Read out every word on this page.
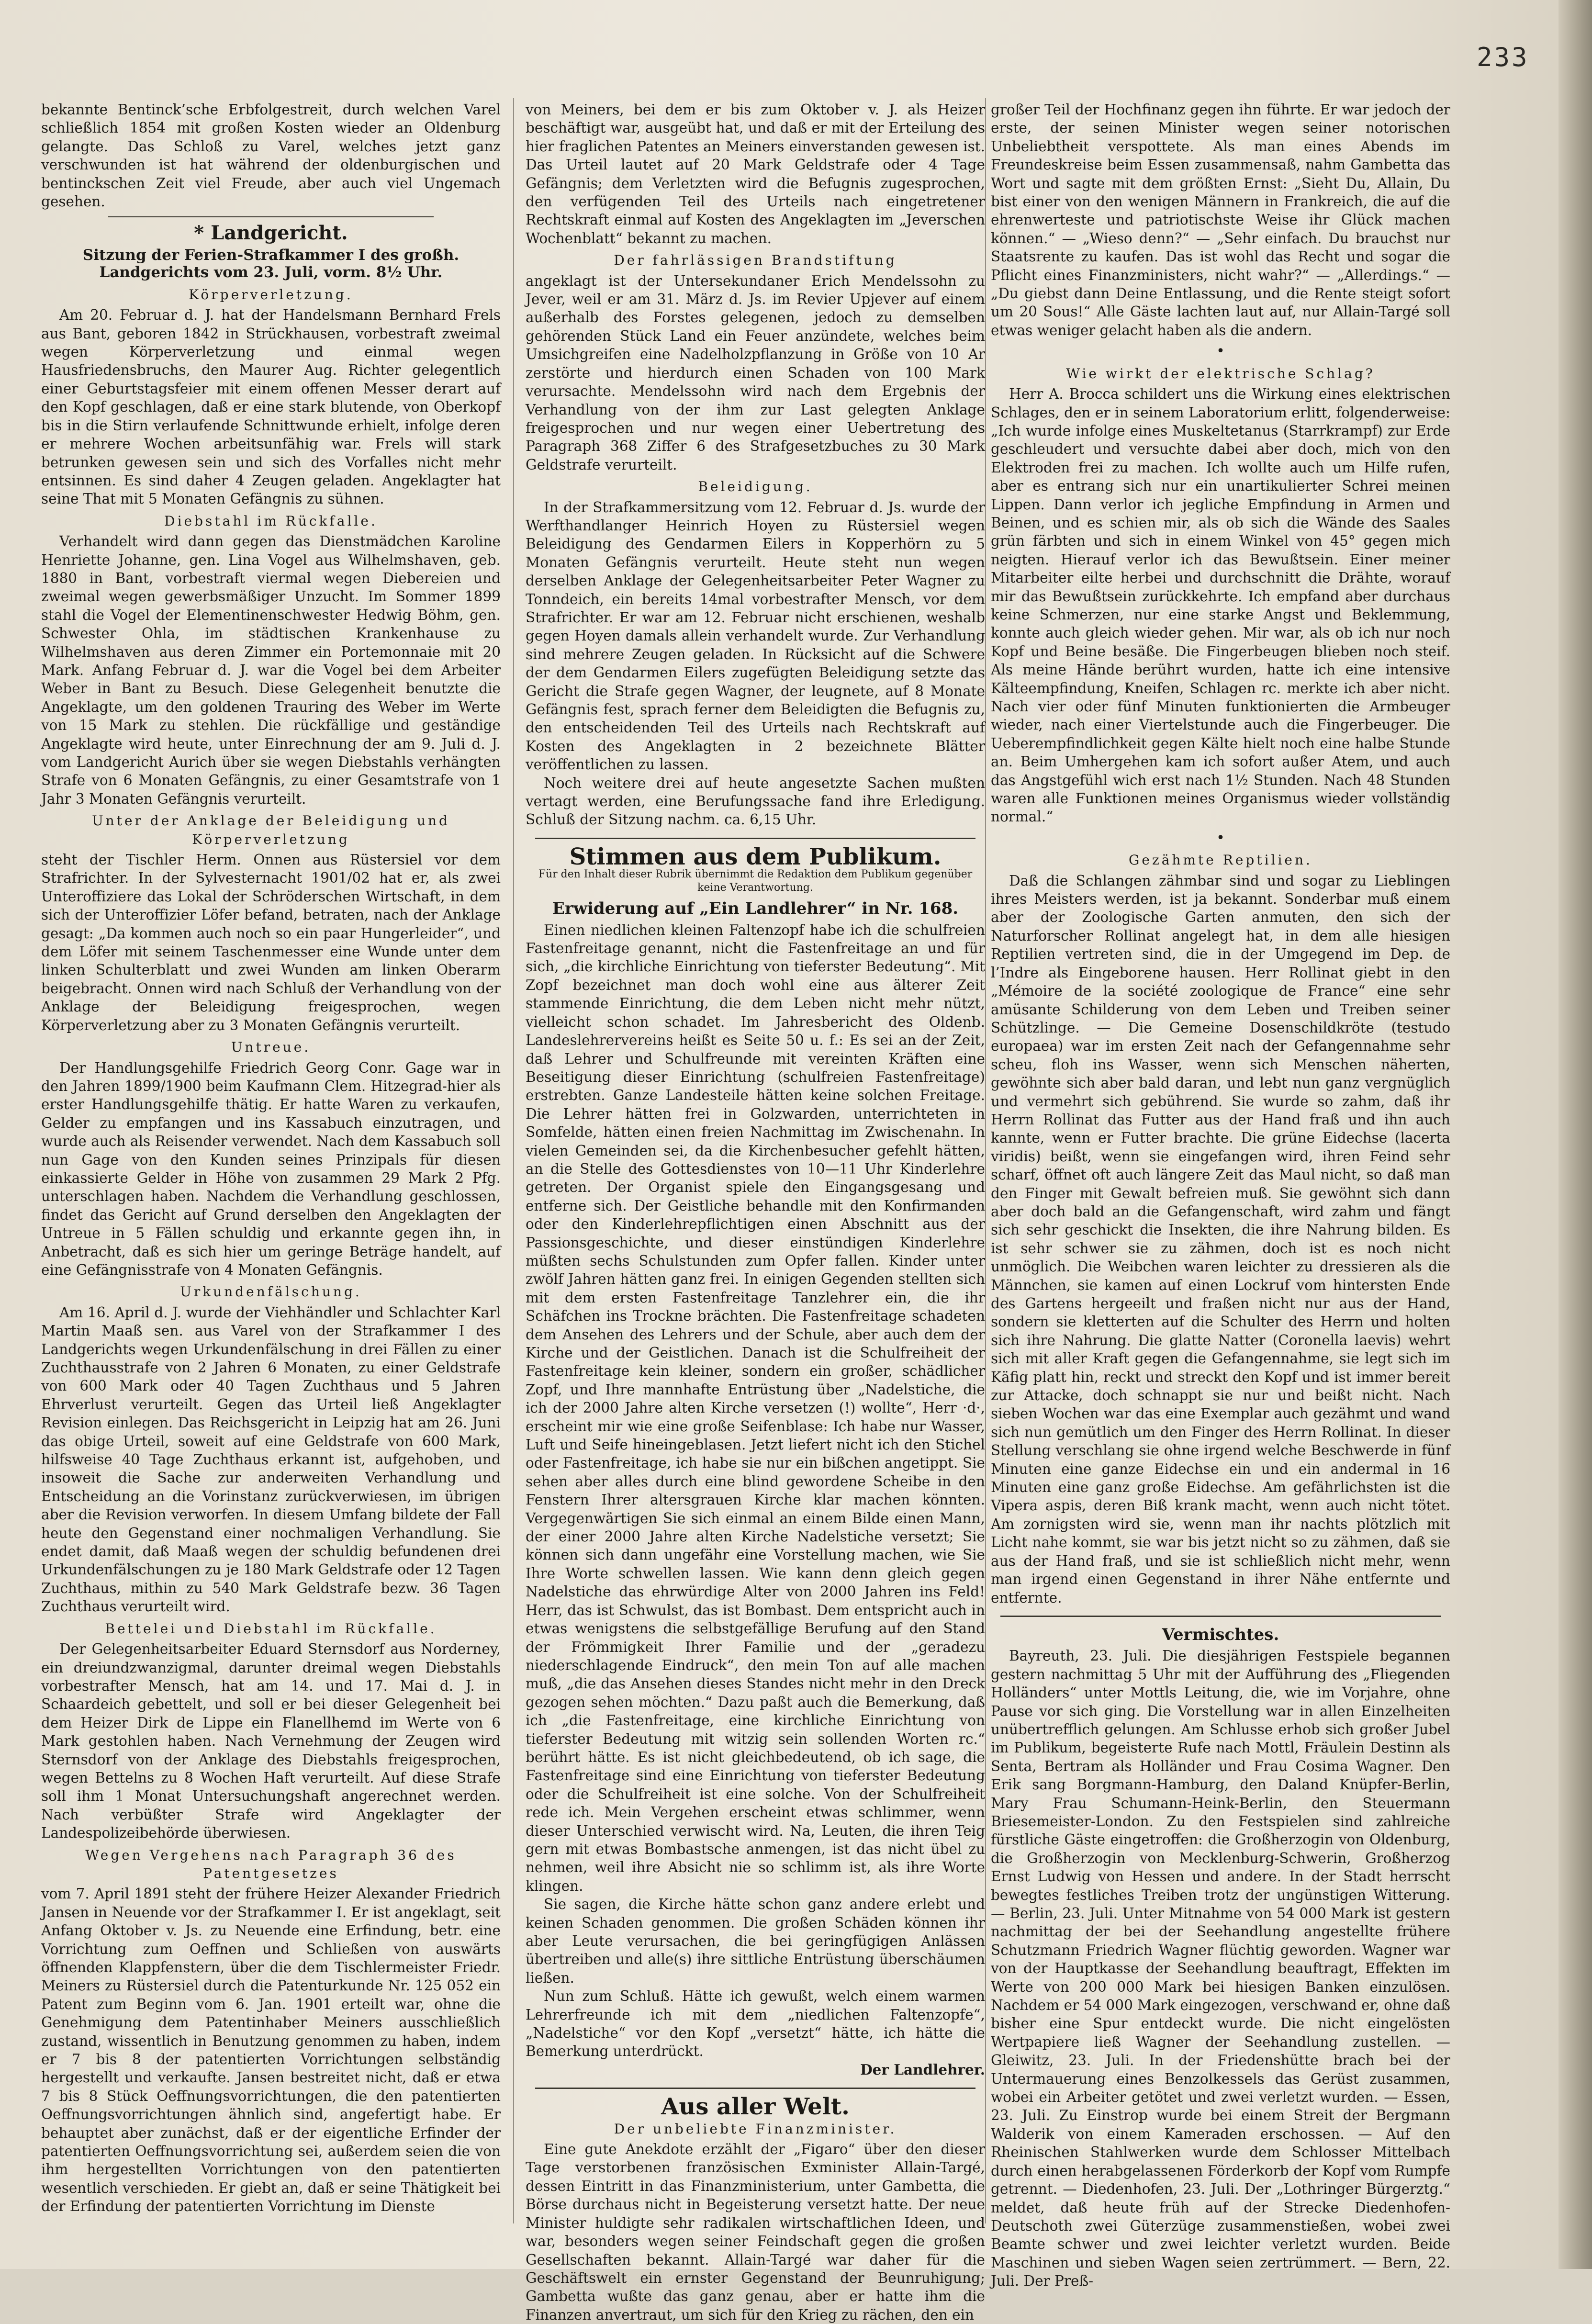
233

bekannte Bentinck’sche Erbfolgestreit, durch welchen Varel schließlich 1854 mit großen Kosten wieder an Oldenburg gelangte. Das Schloß zu Varel, welches jetzt ganz verschwunden ist hat während der oldenburgischen und bentinckschen Zeit viel Freude, aber auch viel Ungemach gesehen.

* Landgericht.
Sitzung der Ferien-Strafkammer I des großh. Landgerichts vom 23. Juli, vorm. 8½ Uhr.
Körperverletzung.

Am 20. Februar d. J. hat der Handelsmann Bernhard Frels aus Bant, geboren 1842 in Strückhausen, vorbestraft zweimal wegen Körperverletzung und einmal wegen Hausfriedensbruchs, den Maurer Aug. Richter gelegentlich einer Geburtstagsfeier mit einem offenen Messer derart auf den Kopf geschlagen, daß er eine stark blutende, von Oberkopf bis in die Stirn verlaufende Schnittwunde erhielt, infolge deren er mehrere Wochen arbeitsunfähig war. Frels will stark betrunken gewesen sein und sich des Vorfalles nicht mehr entsinnen. Es sind daher 4 Zeugen geladen. Angeklagter hat seine That mit 5 Monaten Gefängnis zu sühnen.

Diebstahl im Rückfalle.

Verhandelt wird dann gegen das Dienstmädchen Karoline Henriette Johanne, gen. Lina Vogel aus Wilhelmshaven, geb. 1880 in Bant, vorbestraft viermal wegen Diebereien und zweimal wegen gewerbsmäßiger Unzucht. Im Sommer 1899 stahl die Vogel der Elementinenschwester Hedwig Böhm, gen. Schwester Ohla, im städtischen Krankenhause zu Wilhelmshaven aus deren Zimmer ein Portemonnaie mit 20 Mark. Anfang Februar d. J. war die Vogel bei dem Arbeiter Weber in Bant zu Besuch. Diese Gelegenheit benutzte die Angeklagte, um den goldenen Trauring des Weber im Werte von 15 Mark zu stehlen. Die rückfällige und geständige Angeklagte wird heute, unter Einrechnung der am 9. Juli d. J. vom Landgericht Aurich über sie wegen Diebstahls verhängten Strafe von 6 Monaten Gefängnis, zu einer Gesamtstrafe von 1 Jahr 3 Monaten Gefängnis verurteilt.

Unter der Anklage der Beleidigung und Körperverletzung

steht der Tischler Herm. Onnen aus Rüstersiel vor dem Strafrichter. In der Sylvesternacht 1901/02 hat er, als zwei Unteroffiziere das Lokal der Schröderschen Wirtschaft, in dem sich der Unteroffizier Löfer befand, betraten, nach der Anklage gesagt: „Da kommen auch noch so ein paar Hungerleider“, und dem Löfer mit seinem Taschenmesser eine Wunde unter dem linken Schulterblatt und zwei Wunden am linken Oberarm beigebracht. Onnen wird nach Schluß der Verhandlung von der Anklage der Beleidigung freigesprochen, wegen Körperverletzung aber zu 3 Monaten Gefängnis verurteilt.

Untreue.

Der Handlungsgehilfe Friedrich Georg Conr. Gage war in den Jahren 1899/1900 beim Kaufmann Clem. Hitzegrad-hier als erster Handlungsgehilfe thätig. Er hatte Waren zu verkaufen, Gelder zu empfangen und ins Kassabuch einzutragen, und wurde auch als Reisender verwendet. Nach dem Kassabuch soll nun Gage von den Kunden seines Prinzipals für diesen einkassierte Gelder in Höhe von zusammen 29 Mark 2 Pfg. unterschlagen haben. Nachdem die Verhandlung geschlossen, findet das Gericht auf Grund derselben den Angeklagten der Untreue in 5 Fällen schuldig und erkannte gegen ihn, in Anbetracht, daß es sich hier um geringe Beträge handelt, auf eine Gefängnisstrafe von 4 Monaten Gefängnis.

Urkundenfälschung.

Am 16. April d. J. wurde der Viehhändler und Schlachter Karl Martin Maaß sen. aus Varel von der Strafkammer I des Landgerichts wegen Urkundenfälschung in drei Fällen zu einer Zuchthausstrafe von 2 Jahren 6 Monaten, zu einer Geldstrafe von 600 Mark oder 40 Tagen Zuchthaus und 5 Jahren Ehrverlust verurteilt. Gegen das Urteil ließ Angeklagter Revision einlegen. Das Reichsgericht in Leipzig hat am 26. Juni das obige Urteil, soweit auf eine Geldstrafe von 600 Mark, hilfsweise 40 Tage Zuchthaus erkannt ist, aufgehoben, und insoweit die Sache zur anderweiten Verhandlung und Entscheidung an die Vorinstanz zurückverwiesen, im übrigen aber die Revision verworfen. In diesem Umfang bildete der Fall heute den Gegenstand einer nochmaligen Verhandlung. Sie endet damit, daß Maaß wegen der schuldig befundenen drei Urkundenfälschungen zu je 180 Mark Geldstrafe oder 12 Tagen Zuchthaus, mithin zu 540 Mark Geldstrafe bezw. 36 Tagen Zuchthaus verurteilt wird.

Bettelei und Diebstahl im Rückfalle.

Der Gelegenheitsarbeiter Eduard Sternsdorf aus Norderney, ein dreiundzwanzigmal, darunter dreimal wegen Diebstahls vorbestrafter Mensch, hat am 14. und 17. Mai d. J. in Schaardeich gebettelt, und soll er bei dieser Gelegenheit bei dem Heizer Dirk de Lippe ein Flanellhemd im Werte von 6 Mark gestohlen haben. Nach Vernehmung der Zeugen wird Sternsdorf von der Anklage des Diebstahls freigesprochen, wegen Bettelns zu 8 Wochen Haft verurteilt. Auf diese Strafe soll ihm 1 Monat Untersuchungshaft angerechnet werden. Nach verbüßter Strafe wird Angeklagter der Landespolizeibehörde überwiesen.

Wegen Vergehens nach Paragraph 36 des Patentgesetzes

vom 7. April 1891 steht der frühere Heizer Alexander Friedrich Jansen in Neuende vor der Strafkammer I. Er ist angeklagt, seit Anfang Oktober v. Js. zu Neuende eine Erfindung, betr. eine Vorrichtung zum Oeffnen und Schließen von auswärts öffnenden Klappfenstern, über die dem Tischlermeister Friedr. Meiners zu Rüstersiel durch die Patenturkunde Nr. 125 052 ein Patent zum Beginn vom 6. Jan. 1901 erteilt war, ohne die Genehmigung dem Patentinhaber Meiners ausschließlich zustand, wissentlich in Benutzung genommen zu haben, indem er 7 bis 8 der patentierten Vorrichtungen selbständig hergestellt und verkaufte. Jansen bestreitet nicht, daß er etwa 7 bis 8 Stück Oeffnungsvorrichtungen, die den patentierten Oeffnungsvorrichtungen ähnlich sind, angefertigt habe. Er behauptet aber zunächst, daß er der eigentliche Erfinder der patentierten Oeffnungsvorrichtung sei, außerdem seien die von ihm hergestellten Vorrichtungen von den patentierten wesentlich verschieden. Er giebt an, daß er seine Thätigkeit bei der Erfindung der patentierten Vorrichtung im Dienste

von Meiners, bei dem er bis zum Oktober v. J. als Heizer beschäftigt war, ausgeübt hat, und daß er mit der Erteilung des hier fraglichen Patentes an Meiners einverstanden gewesen ist. Das Urteil lautet auf 20 Mark Geldstrafe oder 4 Tage Gefängnis; dem Verletzten wird die Befugnis zugesprochen, den verfügenden Teil des Urteils nach eingetretener Rechtskraft einmal auf Kosten des Angeklagten im „Jeverschen Wochenblatt“ bekannt zu machen.

Der fahrlässigen Brandstiftung

angeklagt ist der Untersekundaner Erich Mendelssohn zu Jever, weil er am 31. März d. Js. im Revier Upjever auf einem außerhalb des Forstes gelegenen, jedoch zu demselben gehörenden Stück Land ein Feuer anzündete, welches beim Umsichgreifen eine Nadelholzpflanzung in Größe von 10 Ar zerstörte und hierdurch einen Schaden von 100 Mark verursachte. Mendelssohn wird nach dem Ergebnis der Verhandlung von der ihm zur Last gelegten Anklage freigesprochen und nur wegen einer Uebertretung des Paragraph 368 Ziffer 6 des Strafgesetzbuches zu 30 Mark Geldstrafe verurteilt.

Beleidigung.

In der Strafkammersitzung vom 12. Februar d. Js. wurde der Werfthandlanger Heinrich Hoyen zu Rüstersiel wegen Beleidigung des Gendarmen Eilers in Kopperhörn zu 5 Monaten Gefängnis verurteilt. Heute steht nun wegen derselben Anklage der Gelegenheitsarbeiter Peter Wagner zu Tonndeich, ein bereits 14mal vorbestrafter Mensch, vor dem Strafrichter. Er war am 12. Februar nicht erschienen, weshalb gegen Hoyen damals allein verhandelt wurde. Zur Verhandlung sind mehrere Zeugen geladen. In Rücksicht auf die Schwere der dem Gendarmen Eilers zugefügten Beleidigung setzte das Gericht die Strafe gegen Wagner, der leugnete, auf 8 Monate Gefängnis fest, sprach ferner dem Beleidigten die Befugnis zu, den entscheidenden Teil des Urteils nach Rechtskraft auf Kosten des Angeklagten in 2 bezeichnete Blätter veröffentlichen zu lassen.

Noch weitere drei auf heute angesetzte Sachen mußten vertagt werden, eine Berufungssache fand ihre Erledigung. Schluß der Sitzung nachm. ca. 6,15 Uhr.

Stimmen aus dem Publikum.
Für den Inhalt dieser Rubrik übernimmt die Redaktion dem Publikum gegenüber keine Verantwortung.
Erwiderung auf „Ein Landlehrer“ in Nr. 168.

Einen niedlichen kleinen Faltenzopf habe ich die schulfreien Fastenfreitage genannt, nicht die Fastenfreitage an und für sich, „die kirchliche Einrichtung von tieferster Bedeutung“. Mit Zopf bezeichnet man doch wohl eine aus älterer Zeit stammende Einrichtung, die dem Leben nicht mehr nützt, vielleicht schon schadet. Im Jahresbericht des Oldenb. Landeslehrervereins heißt es Seite 50 u. f.: Es sei an der Zeit, daß Lehrer und Schulfreunde mit vereinten Kräften eine Beseitigung dieser Einrichtung (schulfreien Fastenfreitage) erstrebten. Ganze Landesteile hätten keine solchen Freitage. Die Lehrer hätten frei in Golzwarden, unterrichteten in Somfelde, hätten einen freien Nachmittag im Zwischenahn. In vielen Gemeinden sei, da die Kirchenbesucher gefehlt hätten, an die Stelle des Gottesdienstes von 10—11 Uhr Kinderlehre getreten. Der Organist spiele den Eingangsgesang und entferne sich. Der Geistliche behandle mit den Konfirmanden oder den Kinderlehrepflichtigen einen Abschnitt aus der Passionsgeschichte, und dieser einstündigen Kinderlehre müßten sechs Schulstunden zum Opfer fallen. Kinder unter zwölf Jahren hätten ganz frei. In einigen Gegenden stellten sich mit dem ersten Fastenfreitage Tanzlehrer ein, die ihr Schäfchen ins Trockne brächten. Die Fastenfreitage schadeten dem Ansehen des Lehrers und der Schule, aber auch dem der Kirche und der Geistlichen. Danach ist die Schulfreiheit der Fastenfreitage kein kleiner, sondern ein großer, schädlicher Zopf, und Ihre mannhafte Entrüstung über „Nadelstiche, die ich der 2000 Jahre alten Kirche versetzen (!) wollte“, Herr ·d·, erscheint mir wie eine große Seifenblase: Ich habe nur Wasser, Luft und Seife hineingeblasen. Jetzt liefert nicht ich den Stichel oder Fastenfreitage, ich habe sie nur ein bißchen angetippt. Sie sehen aber alles durch eine blind gewordene Scheibe in den Fenstern Ihrer altersgrauen Kirche klar machen könnten. Vergegenwärtigen Sie sich einmal an einem Bilde einen Mann, der einer 2000 Jahre alten Kirche Nadelstiche versetzt; Sie können sich dann ungefähr eine Vorstellung machen, wie Sie Ihre Worte schwellen lassen. Wie kann denn gleich gegen Nadelstiche das ehrwürdige Alter von 2000 Jahren ins Feld! Herr, das ist Schwulst, das ist Bombast. Dem entspricht auch in etwas wenigstens die selbstgefällige Berufung auf den Stand der Frömmigkeit Ihrer Familie und der „geradezu niederschlagende Eindruck“, den mein Ton auf alle machen muß, „die das Ansehen dieses Standes nicht mehr in den Dreck gezogen sehen möchten.“ Dazu paßt auch die Bemerkung, daß ich „die Fastenfreitage, eine kirchliche Einrichtung von tieferster Bedeutung mit witzig sein sollenden Worten rc.“ berührt hätte. Es ist nicht gleichbedeutend, ob ich sage, die Fastenfreitage sind eine Einrichtung von tieferster Bedeutung oder die Schulfreiheit ist eine solche. Von der Schulfreiheit rede ich. Mein Vergehen erscheint etwas schlimmer, wenn dieser Unterschied verwischt wird. Na, Leuten, die ihren Teig gern mit etwas Bombastsche anmengen, ist das nicht übel zu nehmen, weil ihre Absicht nie so schlimm ist, als ihre Worte klingen.

Sie sagen, die Kirche hätte schon ganz andere erlebt und keinen Schaden genommen. Die großen Schäden können ihr aber Leute verursachen, die bei geringfügigen Anlässen übertreiben und alle(s) ihre sittliche Entrüstung überschäumen ließen.

Nun zum Schluß. Hätte ich gewußt, welch einem warmen Lehrerfreunde ich mit dem „niedlichen Faltenzopfe“, „Nadelstiche“ vor den Kopf „versetzt“ hätte, ich hätte die Bemerkung unterdrückt.

Der Landlehrer.
Aus aller Welt.
Der unbeliebte Finanzminister.

Eine gute Anekdote erzählt der „Figaro“ über den dieser Tage verstorbenen französischen Exminister Allain-Targé, dessen Eintritt in das Finanzministerium, unter Gambetta, die Börse durchaus nicht in Begeisterung versetzt hatte. Der neue Minister huldigte sehr radikalen wirtschaftlichen Ideen, und war, besonders wegen seiner Feindschaft gegen die großen Gesellschaften bekannt. Allain-Targé war daher für die Geschäftswelt ein ernster Gegenstand der Beunruhigung; Gambetta wußte das ganz genau, aber er hatte ihm die Finanzen anvertraut, um sich für den Krieg zu rächen, den ein

großer Teil der Hochfinanz gegen ihn führte. Er war jedoch der erste, der seinen Minister wegen seiner notorischen Unbeliebtheit verspottete. Als man eines Abends im Freundeskreise beim Essen zusammensaß, nahm Gambetta das Wort und sagte mit dem größten Ernst: „Sieht Du, Allain, Du bist einer von den wenigen Männern in Frankreich, die auf die ehrenwerteste und patriotischste Weise ihr Glück machen können.“ — „Wieso denn?“ — „Sehr einfach. Du brauchst nur Staatsrente zu kaufen. Das ist wohl das Recht und sogar die Pflicht eines Finanzministers, nicht wahr?“ — „Allerdings.“ — „Du giebst dann Deine Entlassung, und die Rente steigt sofort um 20 Sous!“ Alle Gäste lachten laut auf, nur Allain-Targé soll etwas weniger gelacht haben als die andern.

•
Wie wirkt der elektrische Schlag?

Herr A. Brocca schildert uns die Wirkung eines elektrischen Schlages, den er in seinem Laboratorium erlitt, folgenderweise: „Ich wurde infolge eines Muskeltetanus (Starrkrampf) zur Erde geschleudert und versuchte dabei aber doch, mich von den Elektroden frei zu machen. Ich wollte auch um Hilfe rufen, aber es entrang sich nur ein unartikulierter Schrei meinen Lippen. Dann verlor ich jegliche Empfindung in Armen und Beinen, und es schien mir, als ob sich die Wände des Saales grün färbten und sich in einem Winkel von 45° gegen mich neigten. Hierauf verlor ich das Bewußtsein. Einer meiner Mitarbeiter eilte herbei und durchschnitt die Drähte, worauf mir das Bewußtsein zurückkehrte. Ich empfand aber durchaus keine Schmerzen, nur eine starke Angst und Beklemmung, konnte auch gleich wieder gehen. Mir war, als ob ich nur noch Kopf und Beine besäße. Die Fingerbeugen blieben noch steif. Als meine Hände berührt wurden, hatte ich eine intensive Kälteempfindung, Kneifen, Schlagen rc. merkte ich aber nicht. Nach vier oder fünf Minuten funktionierten die Armbeuger wieder, nach einer Viertelstunde auch die Fingerbeuger. Die Ueberempfindlichkeit gegen Kälte hielt noch eine halbe Stunde an. Beim Umhergehen kam ich sofort außer Atem, und auch das Angstgefühl wich erst nach 1½ Stunden. Nach 48 Stunden waren alle Funktionen meines Organismus wieder vollständig normal.“

•
Gezähmte Reptilien.

Daß die Schlangen zähmbar sind und sogar zu Lieblingen ihres Meisters werden, ist ja bekannt. Sonderbar muß einem aber der Zoologische Garten anmuten, den sich der Naturforscher Rollinat angelegt hat, in dem alle hiesigen Reptilien vertreten sind, die in der Umgegend im Dep. de l’Indre als Eingeborene hausen. Herr Rollinat giebt in den „Mémoire de la société zoologique de France“ eine sehr amüsante Schilderung von dem Leben und Treiben seiner Schützlinge. — Die Gemeine Dosenschildkröte (testudo europaea) war im ersten Zeit nach der Gefangennahme sehr scheu, floh ins Wasser, wenn sich Menschen näherten, gewöhnte sich aber bald daran, und lebt nun ganz vergnüglich und vermehrt sich gebührend. Sie wurde so zahm, daß ihr Herrn Rollinat das Futter aus der Hand fraß und ihn auch kannte, wenn er Futter brachte. Die grüne Eidechse (lacerta viridis) beißt, wenn sie eingefangen wird, ihren Feind sehr scharf, öffnet oft auch längere Zeit das Maul nicht, so daß man den Finger mit Gewalt befreien muß. Sie gewöhnt sich dann aber doch bald an die Gefangenschaft, wird zahm und fängt sich sehr geschickt die Insekten, die ihre Nahrung bilden. Es ist sehr schwer sie zu zähmen, doch ist es noch nicht unmöglich. Die Weibchen waren leichter zu dressieren als die Männchen, sie kamen auf einen Lockruf vom hintersten Ende des Gartens hergeeilt und fraßen nicht nur aus der Hand, sondern sie kletterten auf die Schulter des Herrn und holten sich ihre Nahrung. Die glatte Natter (Coronella laevis) wehrt sich mit aller Kraft gegen die Gefangennahme, sie legt sich im Käfig platt hin, reckt und streckt den Kopf und ist immer bereit zur Attacke, doch schnappt sie nur und beißt nicht. Nach sieben Wochen war das eine Exemplar auch gezähmt und wand sich nun gemütlich um den Finger des Herrn Rollinat. In dieser Stellung verschlang sie ohne irgend welche Beschwerde in fünf Minuten eine ganze Eidechse ein und ein andermal in 16 Minuten eine ganz große Eidechse. Am gefährlichsten ist die Vipera aspis, deren Biß krank macht, wenn auch nicht tötet. Am zornigsten wird sie, wenn man ihr nachts plötzlich mit Licht nahe kommt, sie war bis jetzt nicht so zu zähmen, daß sie aus der Hand fraß, und sie ist schließlich nicht mehr, wenn man irgend einen Gegenstand in ihrer Nähe entfernte und entfernte.

Vermischtes.

Bayreuth, 23. Juli. Die diesjährigen Festspiele begannen gestern nachmittag 5 Uhr mit der Aufführung des „Fliegenden Holländers“ unter Mottls Leitung, die, wie im Vorjahre, ohne Pause vor sich ging. Die Vorstellung war in allen Einzelheiten unübertrefflich gelungen. Am Schlusse erhob sich großer Jubel im Publikum, begeisterte Rufe nach Mottl, Fräulein Destinn als Senta, Bertram als Holländer und Frau Cosima Wagner. Den Erik sang Borgmann-Hamburg, den Daland Knüpfer-Berlin, Mary Frau Schumann-Heink-Berlin, den Steuermann Briesemeister-London. Zu den Festspielen sind zahlreiche fürstliche Gäste eingetroffen: die Großherzogin von Oldenburg, die Großherzogin von Mecklenburg-Schwerin, Großherzog Ernst Ludwig von Hessen und andere. In der Stadt herrscht bewegtes festliches Treiben trotz der ungünstigen Witterung. — Berlin, 23. Juli. Unter Mitnahme von 54 000 Mark ist gestern nachmittag der bei der Seehandlung angestellte frühere Schutzmann Friedrich Wagner flüchtig geworden. Wagner war von der Hauptkasse der Seehandlung beauftragt, Effekten im Werte von 200 000 Mark bei hiesigen Banken einzulösen. Nachdem er 54 000 Mark eingezogen, verschwand er, ohne daß bisher eine Spur entdeckt wurde. Die nicht eingelösten Wertpapiere ließ Wagner der Seehandlung zustellen. — Gleiwitz, 23. Juli. In der Friedenshütte brach bei der Untermauerung eines Benzolkessels das Gerüst zusammen, wobei ein Arbeiter getötet und zwei verletzt wurden. — Essen, 23. Juli. Zu Einstrop wurde bei einem Streit der Bergmann Walderik von einem Kameraden erschossen. — Auf den Rheinischen Stahlwerken wurde dem Schlosser Mittelbach durch einen herabgelassenen Förderkorb der Kopf vom Rumpfe getrennt. — Diedenhofen, 23. Juli. Der „Lothringer Bürgerztg.“ meldet, daß heute früh auf der Strecke Diedenhofen-Deutschoth zwei Güterzüge zusammenstießen, wobei zwei Beamte schwer und zwei leichter verletzt wurden. Beide Maschinen und sieben Wagen seien zertrümmert. — Bern, 22. Juli. Der Preß-
